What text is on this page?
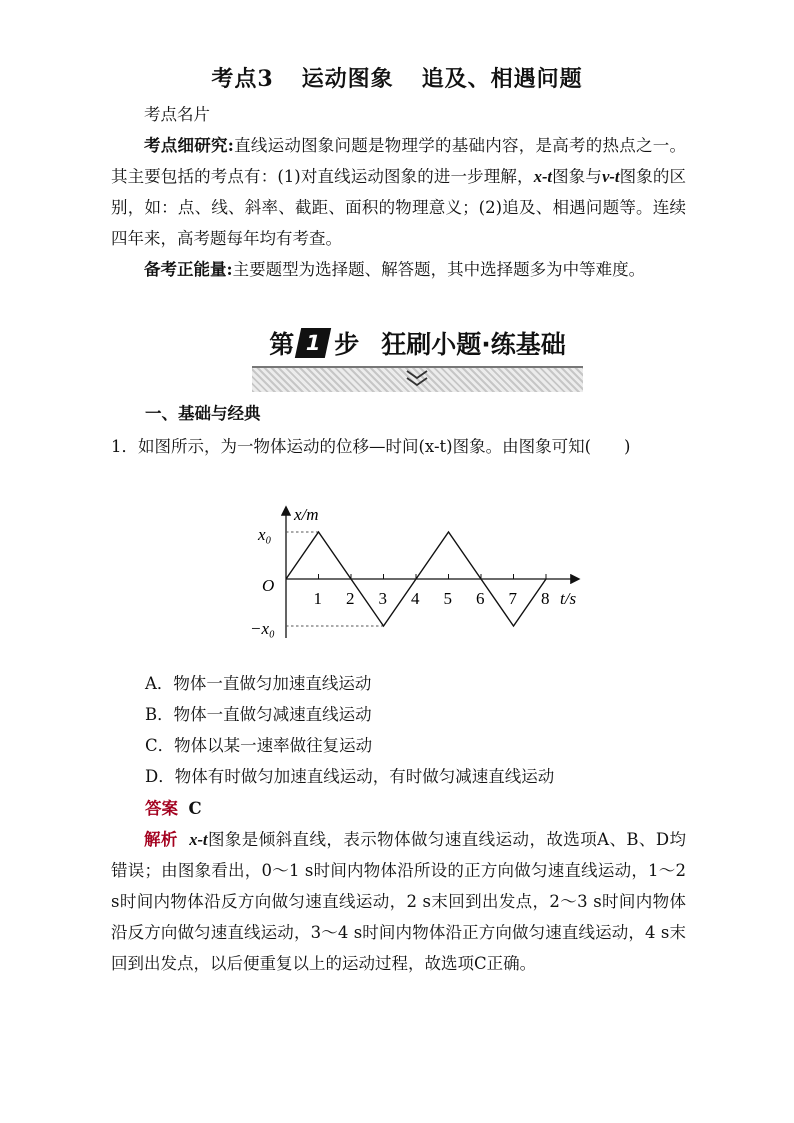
考点3 运动图象 追及、相遇问题
考点名片
考点细研究:直线运动图象问题是物理学的基础内容，是高考的热点之一。其主要包括的考点有：(1)对直线运动图象的进一步理解，x-t图象与v-t图象的区别，如：点、线、斜率、截距、面积的物理意义；(2)追及、相遇问题等。连续四年来，高考题每年均有考查。
备考正能量:主要题型为选择题、解答题，其中选择题多为中等难度。
第 1 步 狂刷小题·练基础
一、基础与经典
1．如图所示，为一物体运动的位移—时间(x-t)图象。由图象可知(　　)
1 2 3 4 5 6 7 8
x/m
t/s
O
x₀
−x₀
A．物体一直做匀加速直线运动
B．物体一直做匀减速直线运动
C．物体以某一速率做往复运动
D．物体有时做匀加速直线运动，有时做匀减速直线运动
答案 C
解析 x-t图象是倾斜直线，表示物体做匀速直线运动，故选项A、B、D均错误；由图象看出，0～1 s时间内物体沿所设的正方向做匀速直线运动，1～2 s时间内物体沿反方向做匀速直线运动，2 s末回到出发点，2～3 s时间内物体沿反方向做匀速直线运动，3～4 s时间内物体沿正方向做匀速直线运动，4 s末回到出发点，以后便重复以上的运动过程，故选项C正确。
